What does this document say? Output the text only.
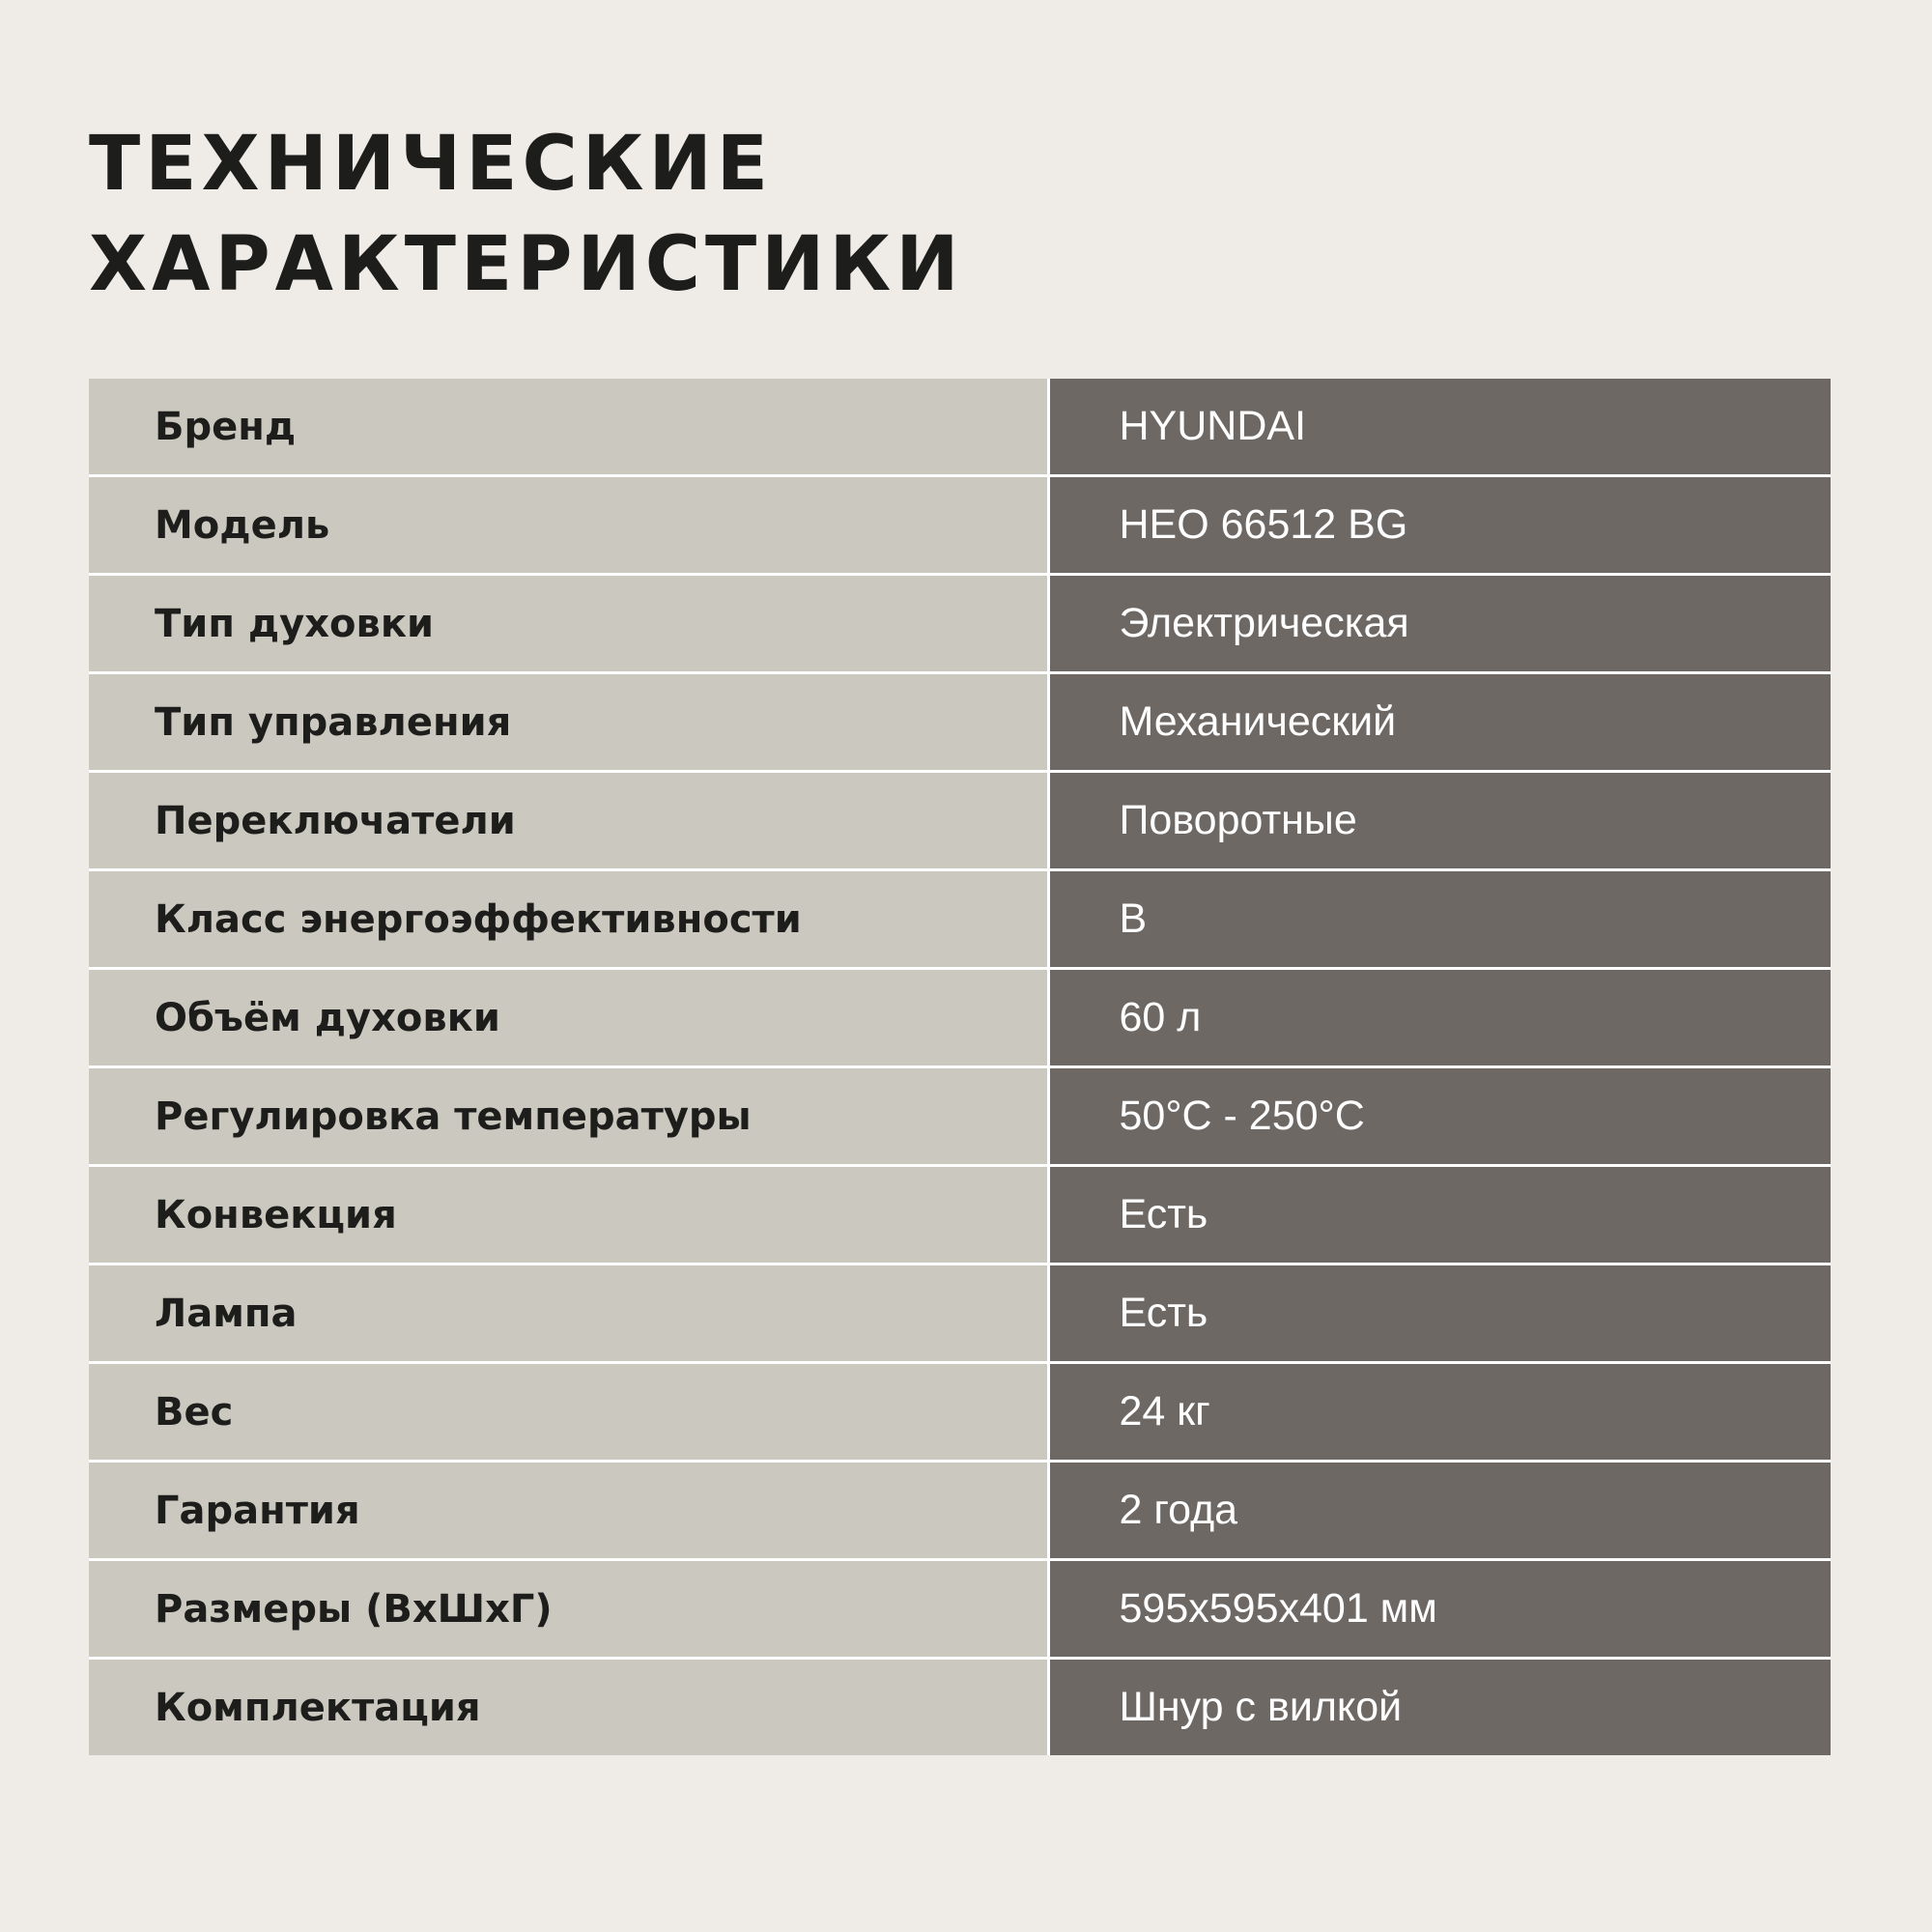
ТЕХНИЧЕСКИЕ
ХАРАКТЕРИСТИКИ
Бренд	HYUNDAI
Модель	HEO 66512 BG
Тип духовки	Электрическая
Тип управления	Механический
Переключатели	Поворотные
Класс энергоэффективности	B
Объём духовки	60 л
Регулировка температуры	50°C - 250°C
Конвекция	Есть
Лампа	Есть
Вес	24 кг
Гарантия	2 года
Размеры (ВхШхГ)	595x595x401 мм
Комплектация	Шнур с вилкой
